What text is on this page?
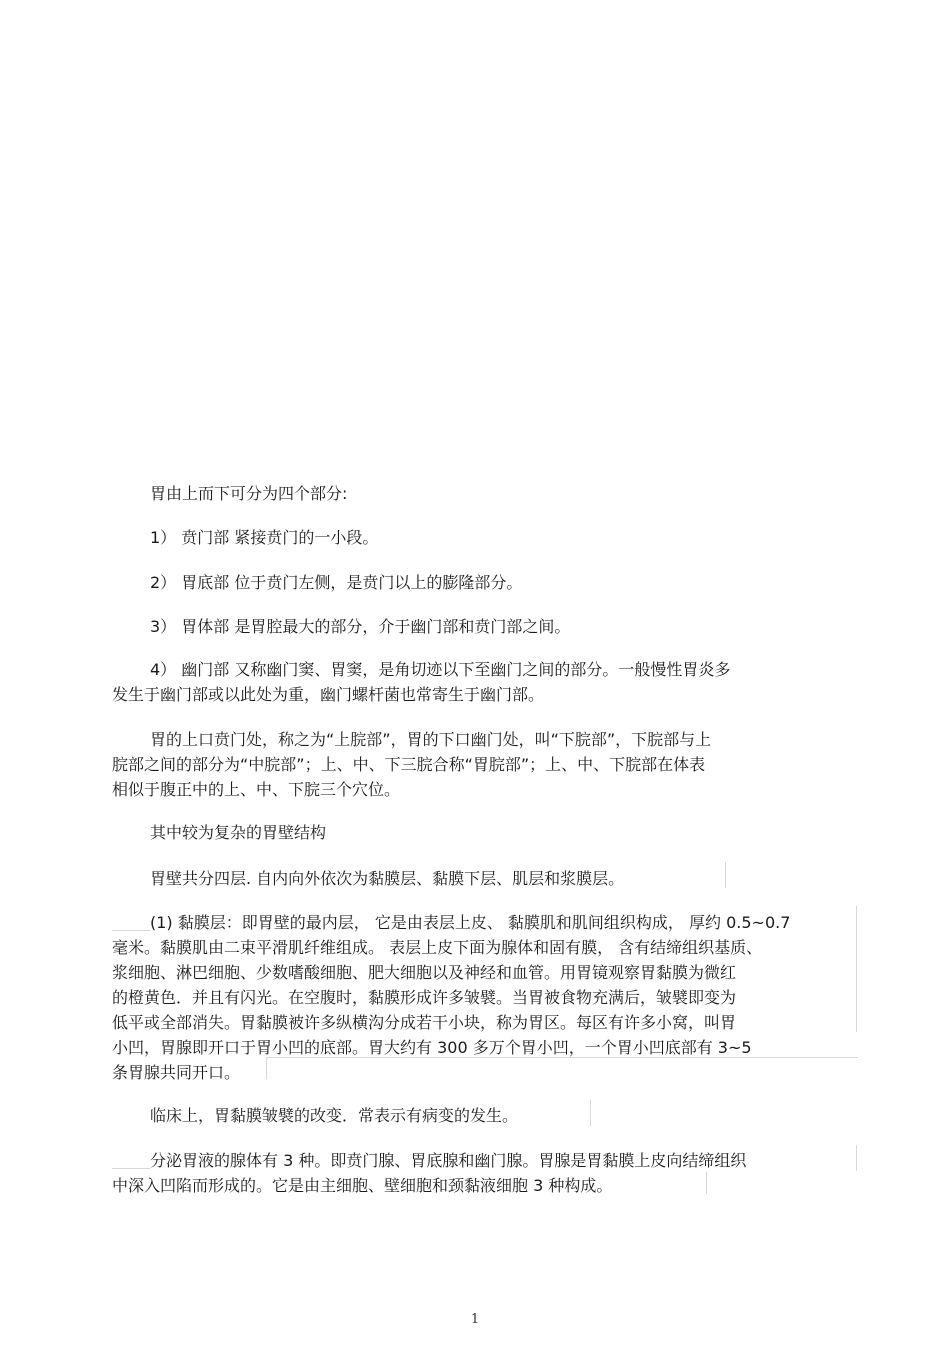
胃由上而下可分为四个部分:
1） 贲门部 紧接贲门的一小段。
2） 胃底部 位于贲门左侧，是贲门以上的膨隆部分。
3） 胃体部 是胃腔最大的部分，介于幽门部和贲门部之间。
4） 幽门部 又称幽门窦、胃窦，是角切迹以下至幽门之间的部分。一般慢性胃炎多
发生于幽门部或以此处为重，幽门螺杆菌也常寄生于幽门部。
胃的上口贲门处，称之为“上脘部”，胃的下口幽门处，叫“下脘部”，下脘部与上
脘部之间的部分为“中脘部”；上、中、下三脘合称“胃脘部”；上、中、下脘部在体表
相似于腹正中的上、中、下脘三个穴位。
其中较为复杂的胃壁结构
胃壁共分四层. 自内向外依次为黏膜层、黏膜下层、肌层和浆膜层。
(1) 黏膜层：即胃壁的最内层， 它是由表层上皮、 黏膜肌和肌间组织构成， 厚约 0.5~0.7
毫米。黏膜肌由二束平滑肌纤维组成。 表层上皮下面为腺体和固有膜， 含有结缔组织基质、
浆细胞、淋巴细胞、少数嗜酸细胞、肥大细胞以及神经和血管。用胃镜观察胃黏膜为微红
的橙黄色．并且有闪光。在空腹时，黏膜形成许多皱襞。当胃被食物充满后，皱襞即变为
低平或全部消失。胃黏膜被许多纵横沟分成若干小块，称为胃区。每区有许多小窝，叫胃
小凹，胃腺即开口于胃小凹的底部。胃大约有 300 多万个胃小凹，一个胃小凹底部有 3~5
条胃腺共同开口。
临床上，胃黏膜皱襞的改变．常表示有病变的发生。
分泌胃液的腺体有 3 种。即贲门腺、胃底腺和幽门腺。胃腺是胃黏膜上皮向结缔组织
中深入凹陷而形成的。它是由主细胞、壁细胞和颈黏液细胞 3 种构成。
1
